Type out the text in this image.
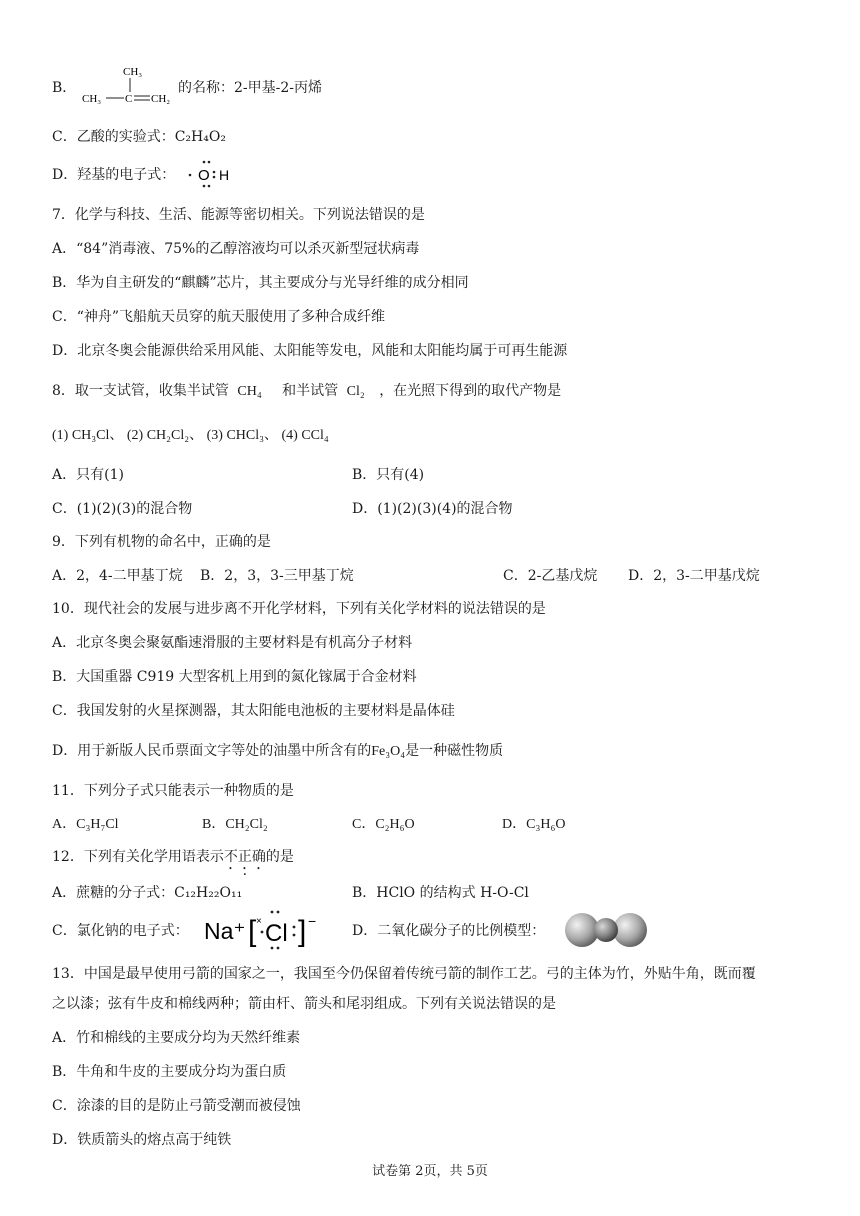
B．
CH₃
CH₃ C CH₂
的名称：2-甲基-2-丙烯
C．乙酸的实验式：C₂H₄O₂
D．羟基的电子式： O H
7．化学与科技、生活、能源等密切相关。下列说法错误的是
A．“84”消毒液、75%的乙醇溶液均可以杀灭新型冠状病毒
B．华为自主研发的“麒麟”芯片，其主要成分与光导纤维的成分相同
C．“神舟”飞船航天员穿的航天服使用了多种合成纤维
D．北京冬奥会能源供给采用风能、太阳能等发电，风能和太阳能均属于可再生能源
8．取一支试管，收集半试管 CH₄ 和半试管 Cl₂ ，在光照下得到的取代产物是
(1) CH₃Cl、 (2) CH₂Cl₂、 (3) CHCl₃、 (4) CCl₄
A．只有(1)	B．只有(4)
C．(1)(2)(3)的混合物	D．(1)(2)(3)(4)的混合物
9．下列有机物的命名中，正确的是
A．2，4-二甲基丁烷 B．2，3，3-三甲基丁烷	C．2-乙基戊烷 D．2，3-二甲基戊烷
10．现代社会的发展与进步离不开化学材料，下列有关化学材料的说法错误的是
A．北京冬奥会聚氨酯速滑服的主要材料是有机高分子材料
B．大国重器 C919 大型客机上用到的氮化镓属于合金材料
C．我国发射的火星探测器，其太阳能电池板的主要材料是晶体硅
D．用于新版人民币票面文字等处的油墨中所含有的Fe₃O₄是一种磁性物质
11．下列分子式只能表示一种物质的是
A．C₃H₇Cl	B．CH₂Cl₂	C．C₂H₆O	D．C₃H₆O
12．下列有关化学用语表示不正确的是
A．蔗糖的分子式：C₁₂H₂₂O₁₁	B．HClO 的结构式 H-O-Cl
C．氯化钠的电子式： Na⁺ [ × Cl ] −
D．二氧化碳分子的比例模型：
13．中国是最早使用弓箭的国家之一，我国至今仍保留着传统弓箭的制作工艺。弓的主体为竹，外贴牛角，既而覆
之以漆；弦有牛皮和棉线两种；箭由杆、箭头和尾羽组成。下列有关说法错误的是
A．竹和棉线的主要成分均为天然纤维素
B．牛角和牛皮的主要成分均为蛋白质
C．涂漆的目的是防止弓箭受潮而被侵蚀
D．铁质箭头的熔点高于纯铁
试卷第 2页，共 5页
